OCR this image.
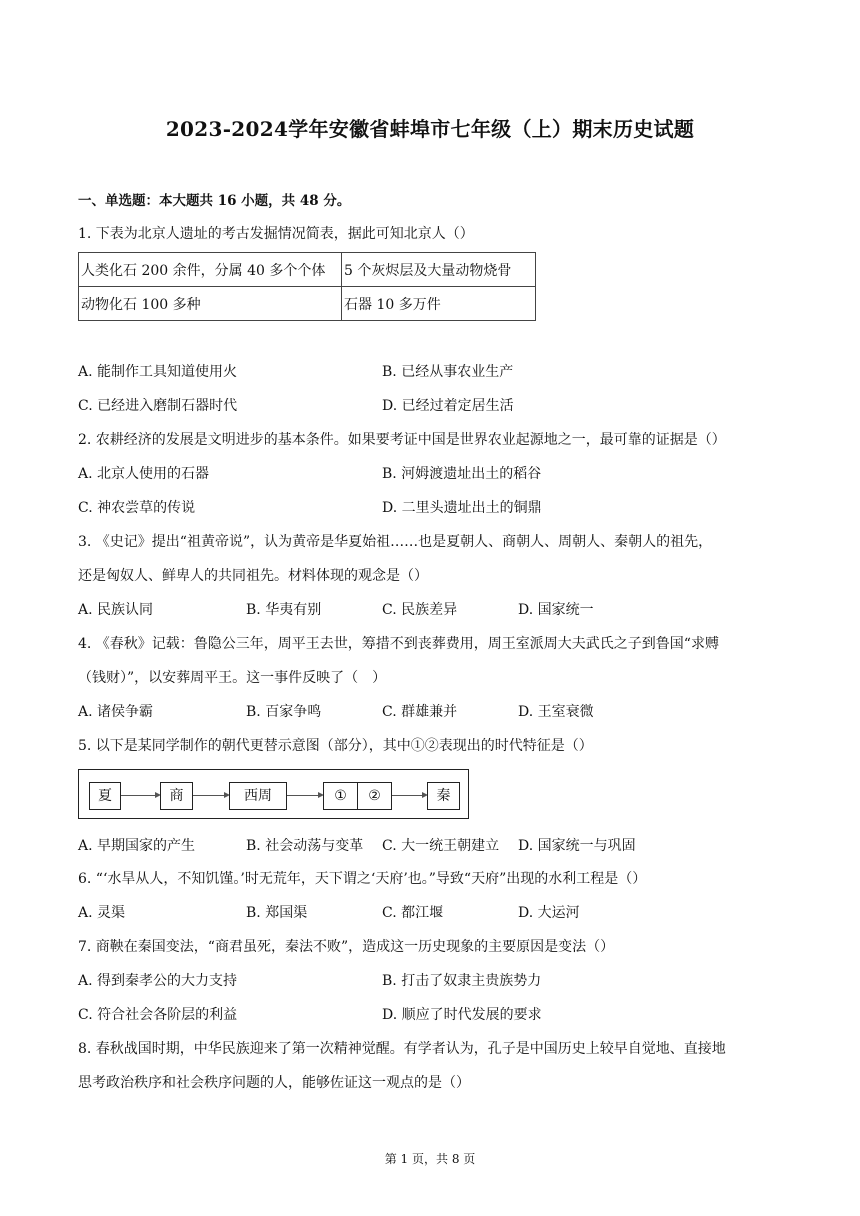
2023-2024学年安徽省蚌埠市七年级（上）期末历史试题
一、单选题：本大题共 16 小题，共 48 分。
1. 下表为北京人遗址的考古发掘情况简表，据此可知北京人（）
人类化石 200 余件，分属 40 多个个体	5 个灰烬层及大量动物烧骨
动物化石 100 多种	石器 10 多万件
A. 能制作工具知道使用火	B. 已经从事农业生产
C. 已经进入磨制石器时代	D. 已经过着定居生活
2. 农耕经济的发展是文明进步的基本条件。如果要考证中国是世界农业起源地之一，最可靠的证据是（）
A. 北京人使用的石器	B. 河姆渡遗址出土的稻谷
C. 神农尝草的传说	D. 二里头遗址出土的铜鼎
3. 《史记》提出“祖黄帝说”，认为黄帝是华夏始祖……也是夏朝人、商朝人、周朝人、秦朝人的祖先，
还是匈奴人、鲜卑人的共同祖先。材料体现的观念是（）
A. 民族认同	B. 华夷有别	C. 民族差异	D. 国家统一
4. 《春秋》记载：鲁隐公三年，周平王去世，筹措不到丧葬费用，周王室派周大夫武氏之子到鲁国“求赙
（钱财）”，以安葬周平王。这一事件反映了（　）
A. 诸侯争霸	B. 百家争鸣	C. 群雄兼并	D. 王室衰微
5. 以下是某同学制作的朝代更替示意图（部分），其中①②表现出的时代特征是（）
夏	商	西周	①	②	秦
A. 早期国家的产生	B. 社会动荡与变革 C. 大一统王朝建立 D. 国家统一与巩固
6. “‘水旱从人，不知饥馑。’时无荒年，天下谓之‘天府’也。”导致“天府”出现的水利工程是（）
A. 灵渠	B. 郑国渠	C. 都江堰	D. 大运河
7. 商鞅在秦国变法，“商君虽死，秦法不败”，造成这一历史现象的主要原因是变法（）
A. 得到秦孝公的大力支持	B. 打击了奴隶主贵族势力
C. 符合社会各阶层的利益	D. 顺应了时代发展的要求
8. 春秋战国时期，中华民族迎来了第一次精神觉醒。有学者认为，孔子是中国历史上较早自觉地、直接地
思考政治秩序和社会秩序问题的人，能够佐证这一观点的是（）
第 1 页，共 8 页
